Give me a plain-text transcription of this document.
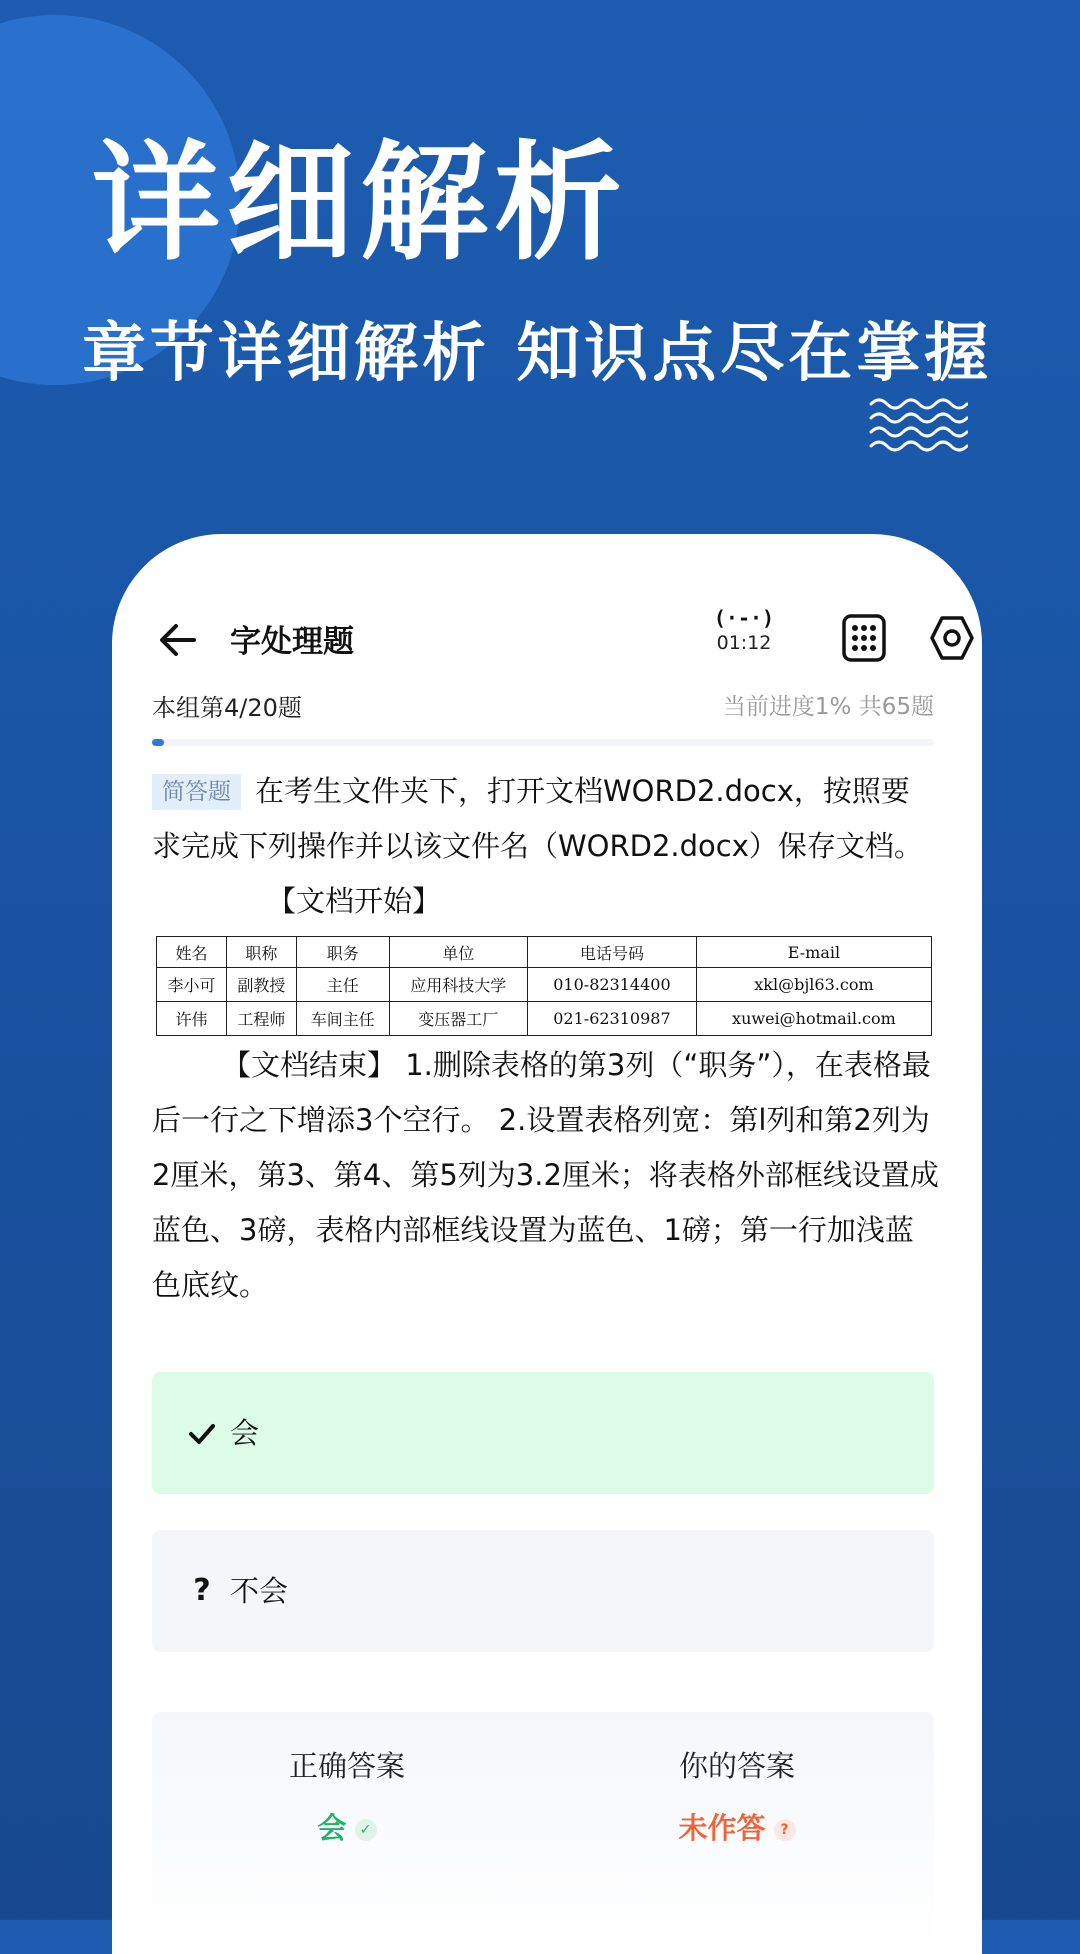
详细解析
章节详细解析 知识点尽在掌握
字处理题
(·-·)
01:12
本组第4/20题	当前进度1% 共65题
简答题 在考生文件夹下，打开文档WORD2.docx，按照要求完成下列操作并以该文件名（WORD2.docx）保存文档。【文档开始】
姓名	职称	职务	单位	电话号码	E-mail
李小可	副教授	主任	应用科技大学	010-82314400	xkl@bjl63.com
许伟	工程师	车间主任	变压器工厂	021-62310987	xuwei@hotmail.com
【文档结束】 1.删除表格的第3列（“职务”），在表格最后一行之下增添3个空行。 2.设置表格列宽：第l列和第2列为2厘米，第3、第4、第5列为3.2厘米；将表格外部框线设置成蓝色、3磅，表格内部框线设置为蓝色、1磅；第一行加浅蓝色底纹。
会
? 不会
正确答案
会 ✓
你的答案
未作答 ?
